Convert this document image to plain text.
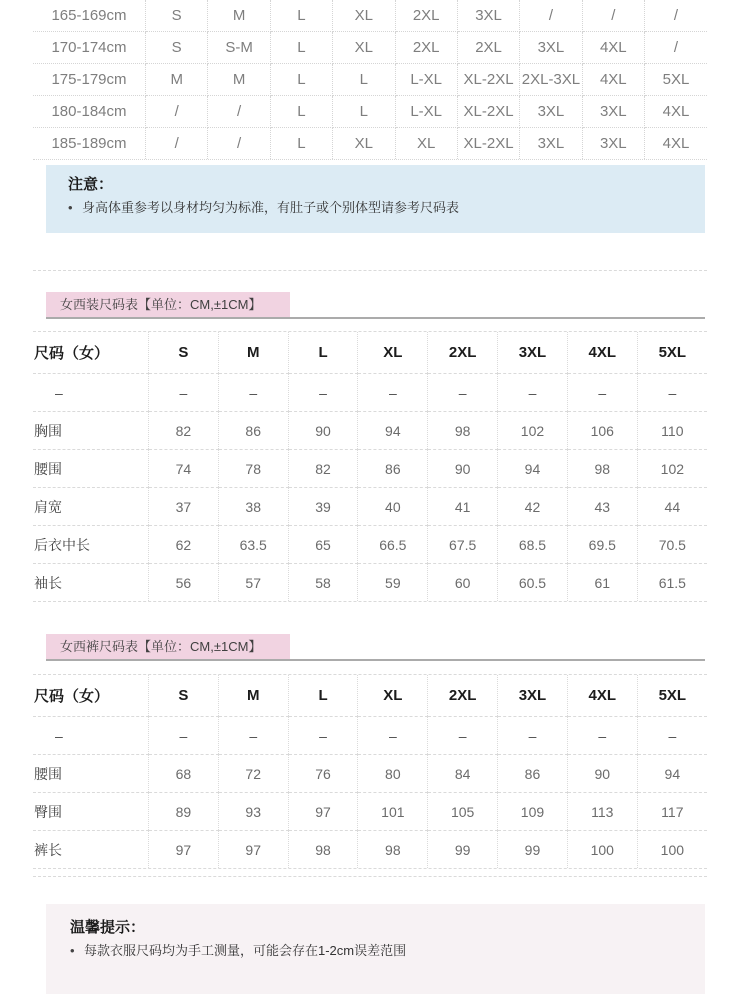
165-169cm	S	M	L	XL	2XL	3XL	/	/	/
170-174cm	S	S-M	L	XL	2XL	2XL	3XL	4XL	/
175-179cm	M	M	L	L	L-XL	XL-2XL	2XL-3XL	4XL	5XL
180-184cm	/	/	L	L	L-XL	XL-2XL	3XL	3XL	4XL
185-189cm	/	/	L	XL	XL	XL-2XL	3XL	3XL	4XL
注意：
• 身高体重参考以身材均匀为标准，有肚子或个别体型请参考尺码表
女西装尺码表【单位：CM,±1CM】
尺码（女）	S	M	L	XL	2XL	3XL	4XL	5XL
–	–	–	–	–	–	–	–	–
胸围	82	86	90	94	98	102	106	110
腰围	74	78	82	86	90	94	98	102
肩宽	37	38	39	40	41	42	43	44
后衣中长	62	63.5	65	66.5	67.5	68.5	69.5	70.5
袖长	56	57	58	59	60	60.5	61	61.5
女西裤尺码表【单位：CM,±1CM】
尺码（女）	S	M	L	XL	2XL	3XL	4XL	5XL
–	–	–	–	–	–	–	–	–
腰围	68	72	76	80	84	86	90	94
臀围	89	93	97	101	105	109	113	117
裤长	97	97	98	98	99	99	100	100
温馨提示：
• 每款衣服尺码均为手工测量，可能会存在1-2cm误差范围
